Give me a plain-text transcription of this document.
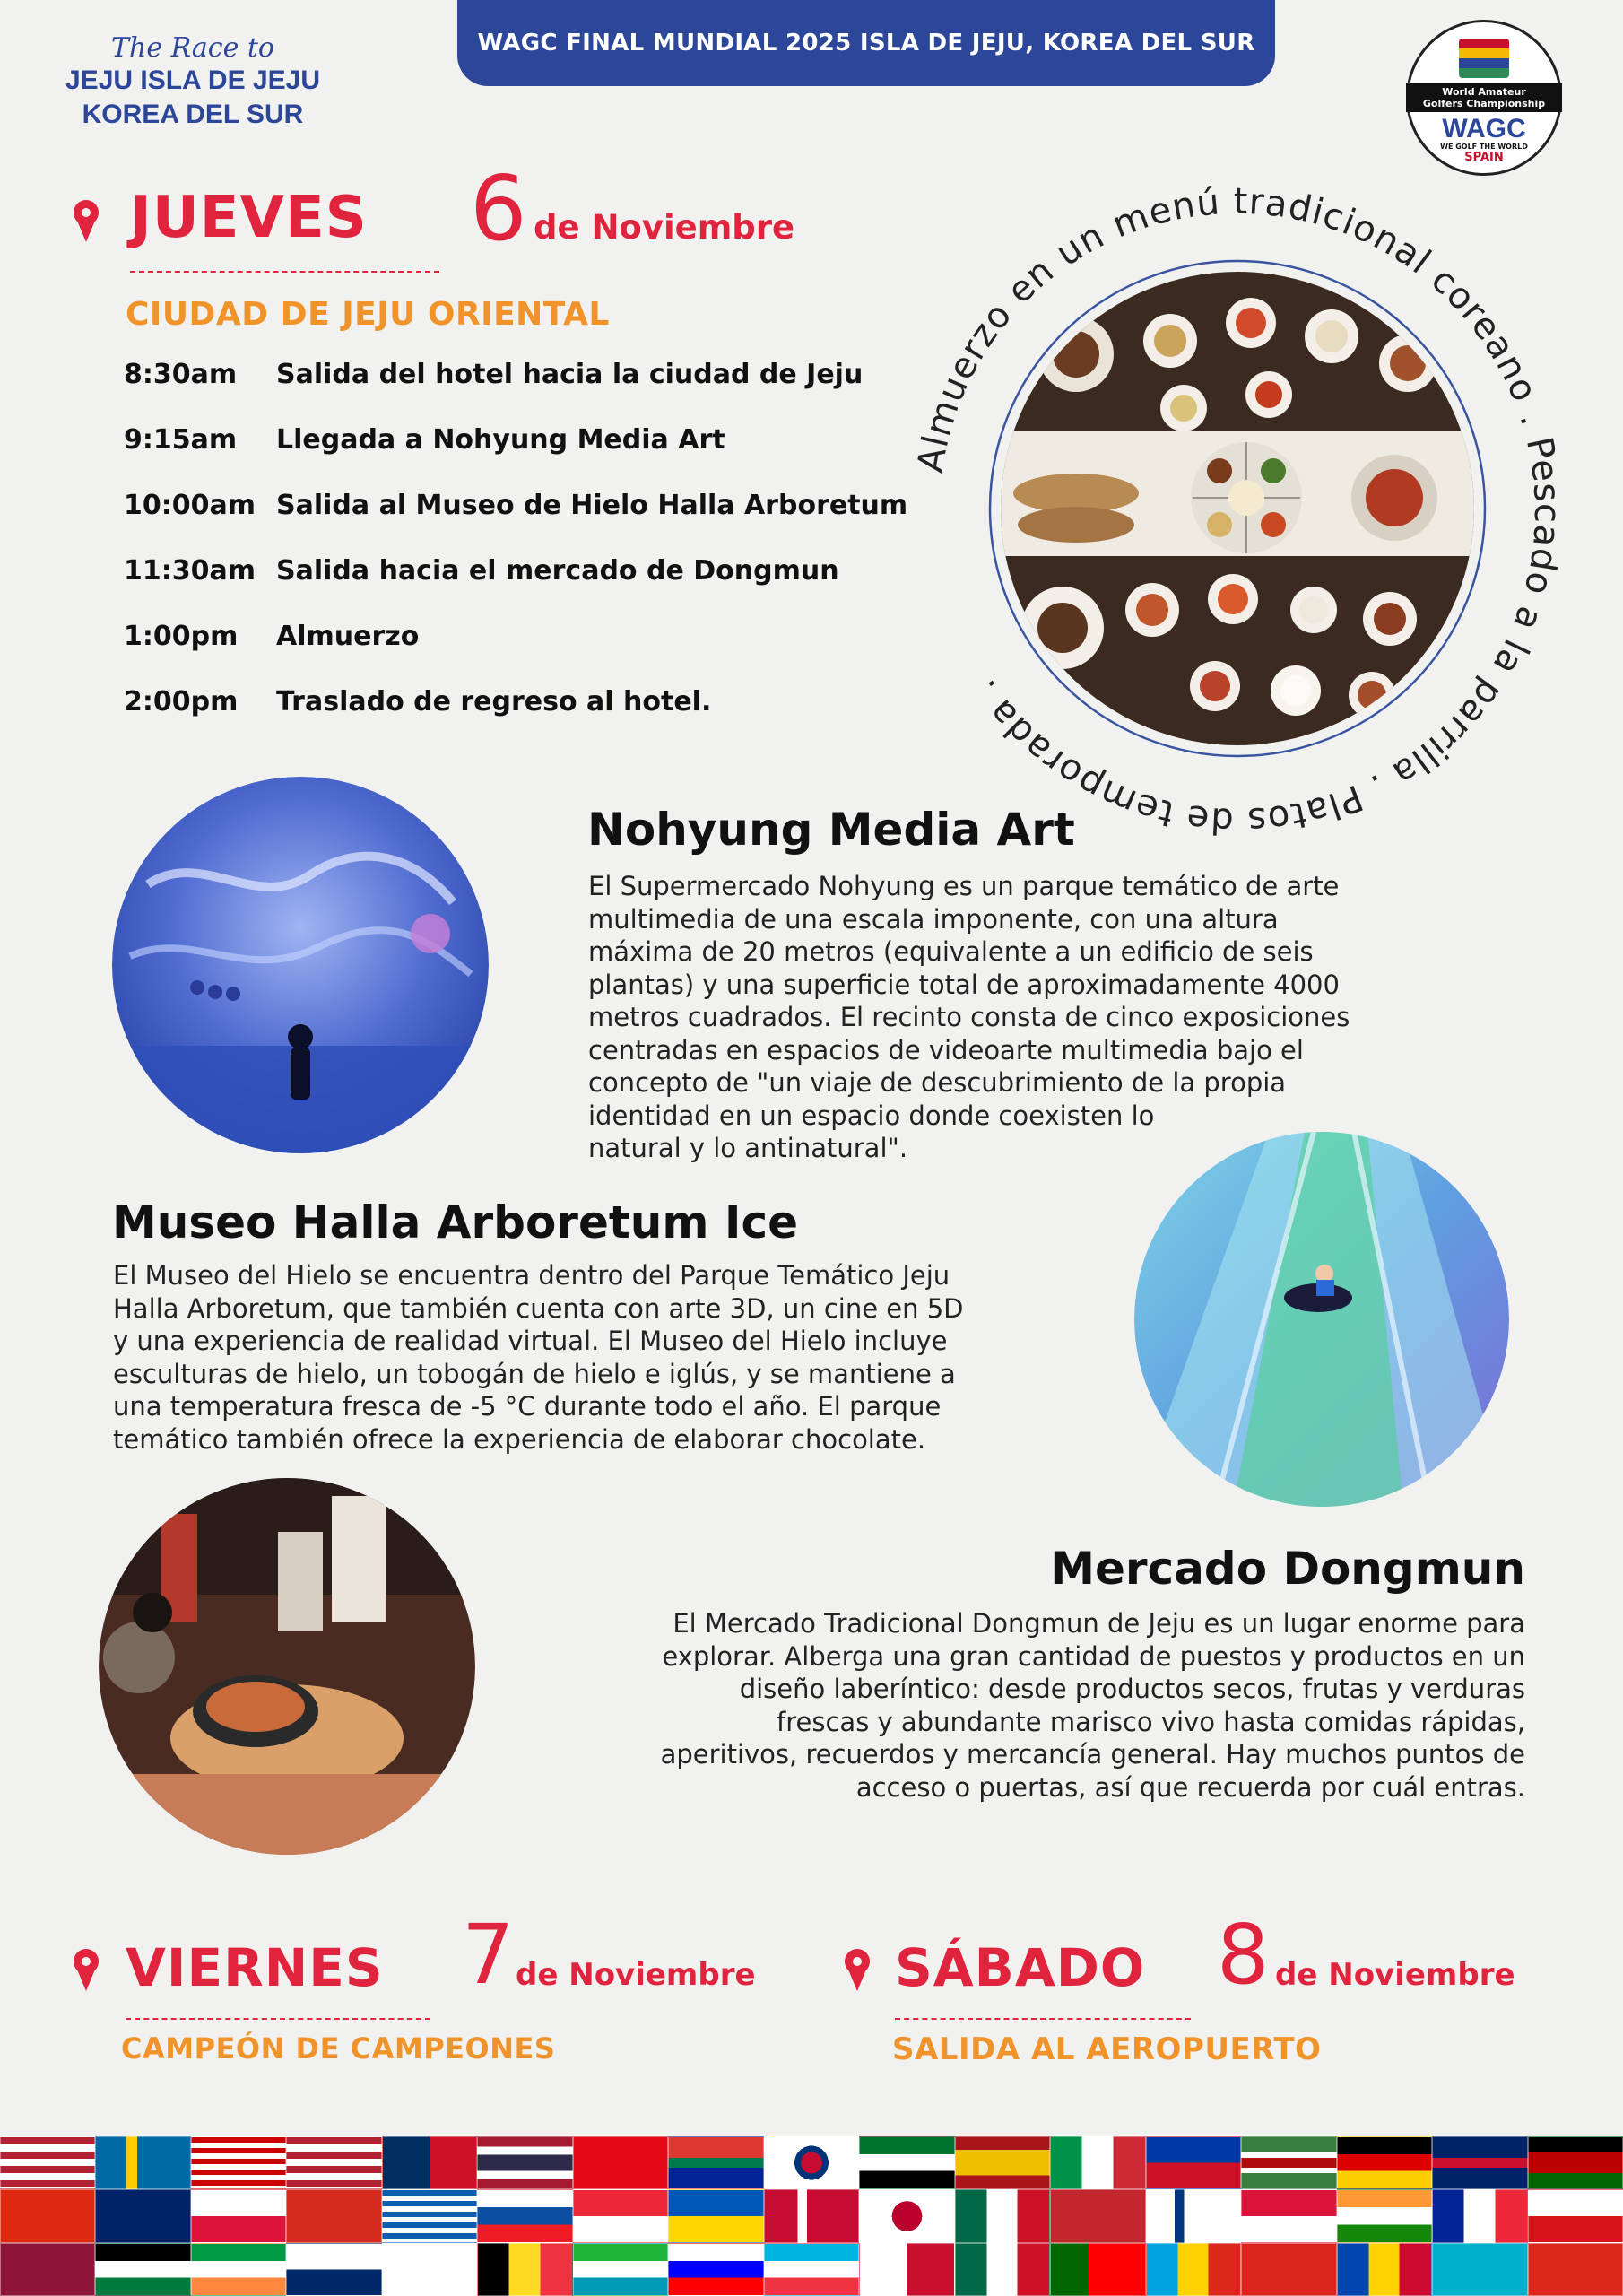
WAGC FINAL MUNDIAL 2025 ISLA DE JEJU, KOREA DEL SUR
The Race to
JEJU ISLA DE JEJU
KOREA DEL SUR
World Amateur
Golfers Championship
WAGC
WE GOLF THE WORLD
SPAIN
JUEVES 6 de Noviembre
CIUDAD DE JEJU ORIENTAL
8:30am	Salida del hotel hacia la ciudad de Jeju
9:15am	Llegada a Nohyung Media Art
10:00am Salida al Museo de Hielo Halla Arboretum
11:30am Salida hacia el mercado de Dongmun
1:00pm	Almuerzo
2:00pm	Traslado de regreso al hotel.
Almuerzo en un menú tradicional coreano . Pescado a la parrilla . Platos de temporada .
Nohyung Media Art
El Supermercado Nohyung es un parque temático de arte
multimedia de una escala imponente, con una altura
máxima de 20 metros (equivalente a un edificio de seis
plantas) y una superficie total de aproximadamente 4000
metros cuadrados. El recinto consta de cinco exposiciones
centradas en espacios de videoarte multimedia bajo el
concepto de "un viaje de descubrimiento de la propia
identidad en un espacio donde coexisten lo
natural y lo antinatural".
Museo Halla Arboretum Ice
El Museo del Hielo se encuentra dentro del Parque Temático Jeju
Halla Arboretum, que también cuenta con arte 3D, un cine en 5D
y una experiencia de realidad virtual. El Museo del Hielo incluye
esculturas de hielo, un tobogán de hielo e iglús, y se mantiene a
una temperatura fresca de -5 °C durante todo el año. El parque
temático también ofrece la experiencia de elaborar chocolate.
Mercado Dongmun
El Mercado Tradicional Dongmun de Jeju es un lugar enorme para
explorar. Alberga una gran cantidad de puestos y productos en un
diseño laberíntico: desde productos secos, frutas y verduras
frescas y abundante marisco vivo hasta comidas rápidas,
aperitivos, recuerdos y mercancía general. Hay muchos puntos de
acceso o puertas, así que recuerda por cuál entras.
VIERNES 7 de Noviembre
CAMPEÓN DE CAMPEONES
SÁBADO 8 de Noviembre
SALIDA AL AEROPUERTO
